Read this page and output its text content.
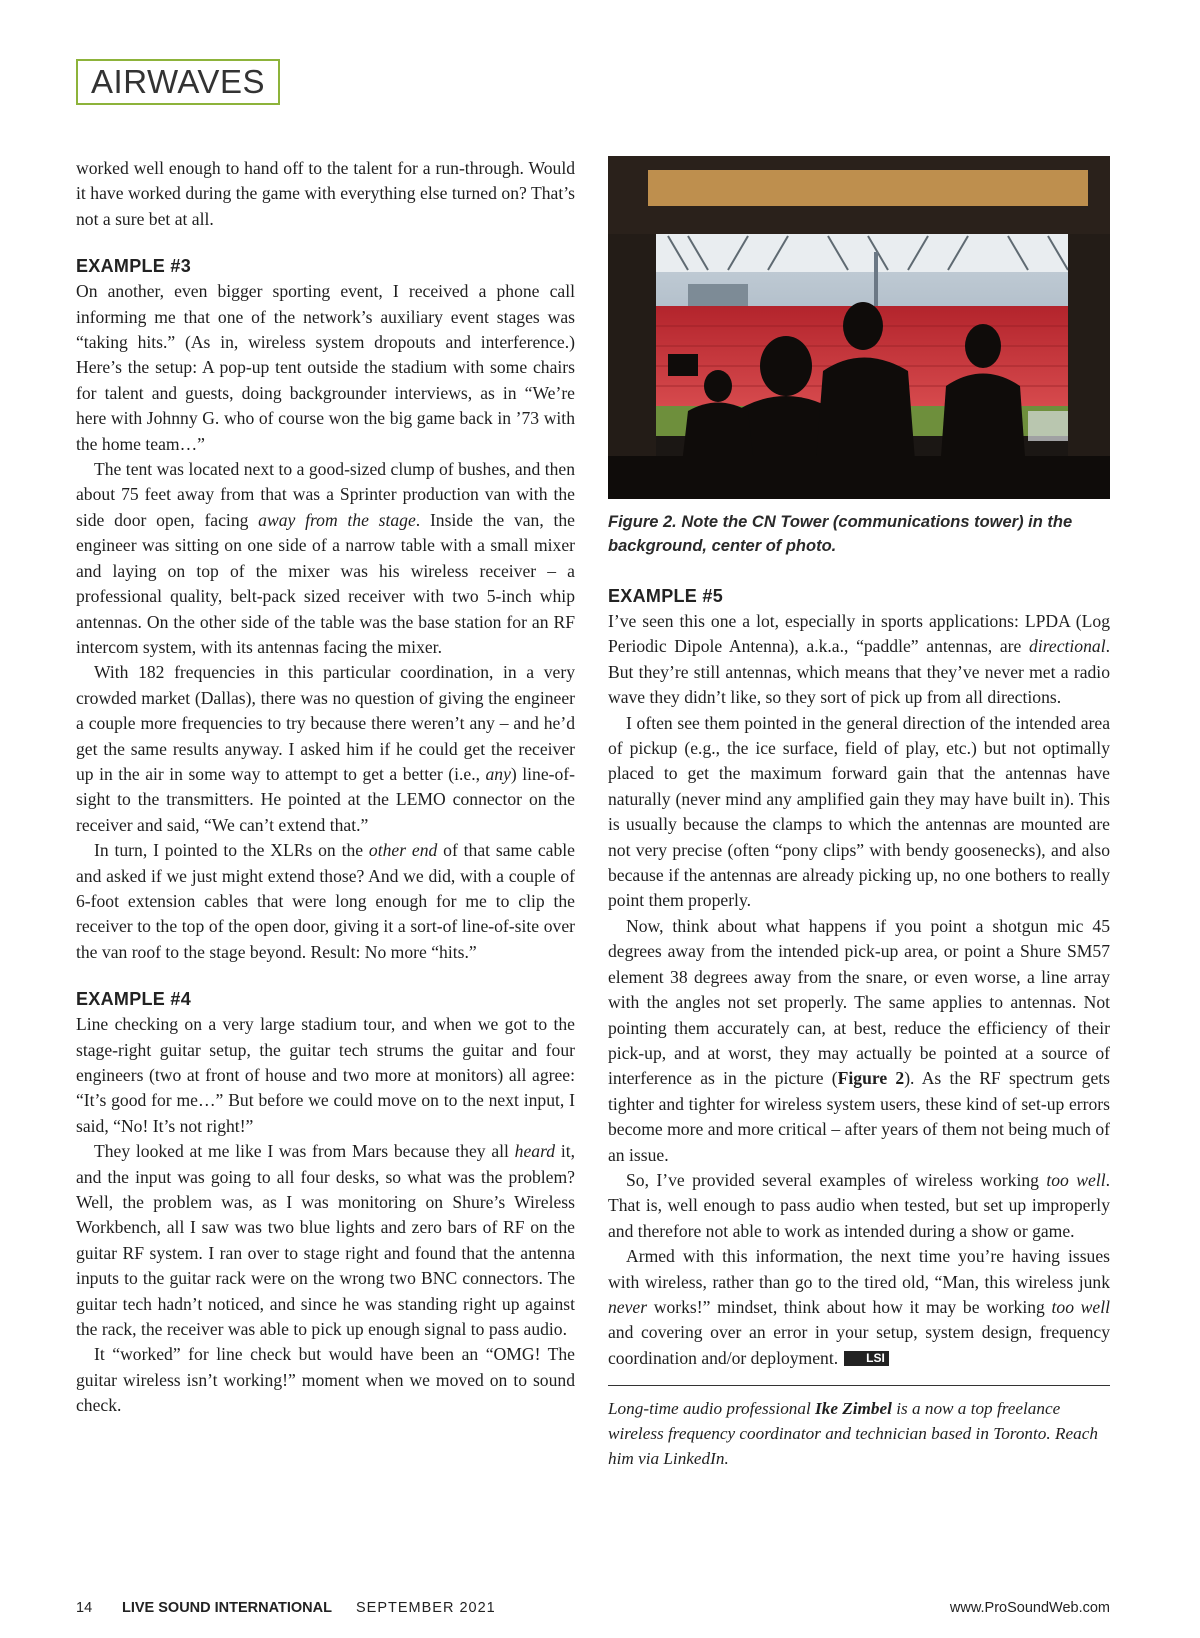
AIRWAVES

worked well enough to hand off to the talent for a run-through. Would it have worked during the game with everything else turned on? That’s not a sure bet at all.

EXAMPLE #3

On another, even bigger sporting event, I received a phone call informing me that one of the network’s auxiliary event stages was “taking hits.” (As in, wireless system dropouts and interference.) Here’s the setup: A pop-up tent outside the stadium with some chairs for talent and guests, doing backgrounder interviews, as in “We’re here with Johnny G. who of course won the big game back in ’73 with the home team…”

The tent was located next to a good-sized clump of bushes, and then about 75 feet away from that was a Sprinter production van with the side door open, facing away from the stage. Inside the van, the engineer was sitting on one side of a narrow table with a small mixer and laying on top of the mixer was his wireless receiver – a professional quality, belt-pack sized receiver with two 5-inch whip antennas. On the other side of the table was the base station for an RF intercom system, with its antennas facing the mixer.

With 182 frequencies in this particular coordination, in a very crowded market (Dallas), there was no question of giving the engineer a couple more frequencies to try because there weren’t any – and he’d get the same results anyway. I asked him if he could get the receiver up in the air in some way to attempt to get a better (i.e., any) line-of-sight to the transmitters. He pointed at the LEMO connector on the receiver and said, “We can’t extend that.”

In turn, I pointed to the XLRs on the other end of that same cable and asked if we just might extend those? And we did, with a couple of 6-foot extension cables that were long enough for me to clip the receiver to the top of the open door, giving it a sort-of line-of-site over the van roof to the stage beyond. Result: No more “hits.”

EXAMPLE #4

Line checking on a very large stadium tour, and when we got to the stage-right guitar setup, the guitar tech strums the guitar and four engineers (two at front of house and two more at monitors) all agree: “It’s good for me…” But before we could move on to the next input, I said, “No! It’s not right!”

They looked at me like I was from Mars because they all heard it, and the input was going to all four desks, so what was the problem? Well, the problem was, as I was monitoring on Shure’s Wireless Workbench, all I saw was two blue lights and zero bars of RF on the guitar RF system. I ran over to stage right and found that the antenna inputs to the guitar rack were on the wrong two BNC connectors. The guitar tech hadn’t noticed, and since he was standing right up against the rack, the receiver was able to pick up enough signal to pass audio.

It “worked” for line check but would have been an “OMG! The guitar wireless isn’t working!” moment when we moved on to sound check.

Figure 2. Note the CN Tower (communications tower) in the background, center of photo.
EXAMPLE #5

I’ve seen this one a lot, especially in sports applications: LPDA (Log Periodic Dipole Antenna), a.k.a., “paddle” antennas, are directional. But they’re still antennas, which means that they’ve never met a radio wave they didn’t like, so they sort of pick up from all directions.

I often see them pointed in the general direction of the intended area of pickup (e.g., the ice surface, field of play, etc.) but not optimally placed to get the maximum forward gain that the antennas have naturally (never mind any amplified gain they may have built in). This is usually because the clamps to which the antennas are mounted are not very precise (often “pony clips” with bendy goosenecks), and also because if the antennas are already picking up, no one bothers to really point them properly.

Now, think about what happens if you point a shotgun mic 45 degrees away from the intended pick-up area, or point a Shure SM57 element 38 degrees away from the snare, or even worse, a line array with the angles not set properly. The same applies to antennas. Not pointing them accurately can, at best, reduce the efficiency of their pick-up, and at worst, they may actually be pointed at a source of interference as in the picture (Figure 2). As the RF spectrum gets tighter and tighter for wireless system users, these kind of set-up errors become more and more critical – after years of them not being much of an issue.

So, I’ve provided several examples of wireless working too well. That is, well enough to pass audio when tested, but set up improperly and therefore not able to work as intended during a show or game.

Armed with this information, the next time you’re having issues with wireless, rather than go to the tired old, “Man, this wireless junk never works!” mindset, think about how it may be working too well and covering over an error in your setup, system design, frequency coordination and/or deployment. LSI

Long-time audio professional Ike Zimbel is a now a top freelance wireless frequency coordinator and technician based in Toronto. Reach him via LinkedIn.
14 LIVE SOUND INTERNATIONAL SEPTEMBER 2021	www.ProSoundWeb.com
